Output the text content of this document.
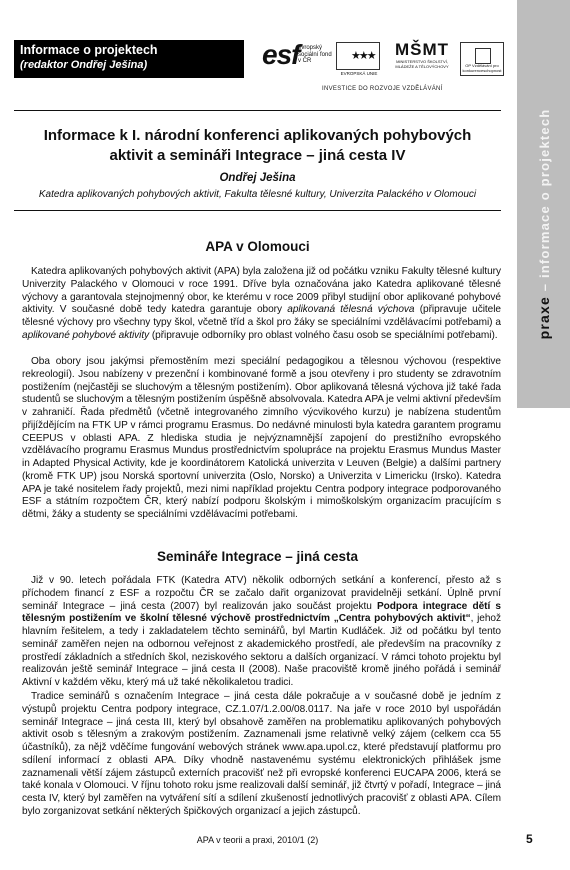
praxe – informace o projektech
Informace o projektech
(redaktor Ondřej Ješina)	esf
evropský sociální fond v ČR	★★★
EVROPSKÁ UNIE
MŠMT
MINISTERSTVO ŠKOLSTVÍ, MLÁDEŽE A TĚLOVÝCHOVY	OP Vzdělávání pro konkurenceschopnost
INVESTICE DO ROZVOJE VZDĚLÁVÁNÍ
Informace k I. národní konferenci aplikovaných pohybových
aktivit a semináři Integrace – jiná cesta IV
Ondřej Ješina
Katedra aplikovaných pohybových aktivit, Fakulta tělesné kultury, Univerzita Palackého v Olomouci
APA v Olomouci

Katedra aplikovaných pohybových aktivit (APA) byla založena již od počátku vzniku Fakulty tělesné kultury Univerzity Palackého v Olomouci v roce 1991. Dříve byla označována jako Katedra aplikované tělesné výchovy a garantovala stejnojmenný obor, ke kterému v roce 2009 přibyl studijní obor aplikované pohybové aktivity. V současné době tedy katedra garantuje obory aplikovaná tělesná výchova (připravuje učitele tělesné výchovy pro všechny typy škol, včetně tříd a škol pro žáky se speciálními vzdělávacími potřebami) a aplikované pohybové aktivity (připravuje odborníky pro oblast volného času osob se speciálními potřebami).

Oba obory jsou jakýmsi přemostěním mezi speciální pedagogikou a tělesnou výchovou (respektive rekreologií). Jsou nabízeny v prezenční i kombinované formě a jsou otevřeny i pro studenty se zdravotním postižením (nejčastěji se sluchovým a tělesným postižením). Obor aplikovaná tělesná výchova již také řada studentů se sluchovým a tělesným postižením úspěšně absolvovala. Katedra APA je velmi aktivní především v zahraničí. Řada předmětů (včetně integrovaného zimního výcvikového kurzu) je nabízena studentům přijíždějícím na FTK UP v rámci programu Erasmus. Do nedávné minulosti byla katedra garantem programu CEEPUS v oblasti APA. Z hlediska studia je nejvýznamnější zapojení do prestižního evropského vzdělávacího programu Erasmus Mundus prostřednictvím spolupráce na projektu Erasmus Mundus Master in Adapted Physical Activity, kde je koordinátorem Katolická univerzita v Leuven (Belgie) a dalšími partnery (kromě FTK UP) jsou Norská sportovní univerzita (Oslo, Norsko) a Univerzita v Limericku (Irsko). Katedra APA je také nositelem řady projektů, mezi nimi například projektu Centra podpory integrace podporovaného ESF a státním rozpočtem ČR, který nabízí podporu školským i mimoškolským organizacím pracujícím s dětmi, žáky a studenty se speciálními vzdělávacími potřebami.

Semináře Integrace – jiná cesta

Již v 90. letech pořádala FTK (Katedra ATV) několik odborných setkání a konferencí, přesto až s příchodem financí z ESF a rozpočtu ČR se začalo dařit organizovat pravidelněji setkání. Úplně první seminář Integrace – jiná cesta (2007) byl realizován jako součást projektu Podpora integrace dětí s tělesným postižením ve školní tělesné výchově prostřednictvím „Centra pohybových aktivit“, jehož hlavním řešitelem, a tedy i zakladatelem těchto seminářů, byl Martin Kudláček. Již od počátku byl tento seminář zaměřen nejen na odbornou veřejnost z akademického prostředí, ale především na pracovníky z prostředí základních a středních škol, neziskového sektoru a dalších organizací. V rámci tohoto projektu byl realizován ještě seminář Integrace – jiná cesta II (2008). Naše pracoviště kromě jiného pořádá i seminář Aktivní v každém věku, který má už také několikaletou tradici.

Tradice seminářů s označením Integrace – jiná cesta dále pokračuje a v současné době je jedním z výstupů projektu Centra podpory integrace, CZ.1.07/1.2.00/08.0117. Na jaře v roce 2010 byl uspořádán seminář Integrace – jiná cesta III, který byl obsahově zaměřen na problematiku aplikovaných pohybových aktivit osob s tělesným a zrakovým postižením. Zaznamenali jsme relativně velký zájem (celkem cca 55 účastníků), za nějž vděčíme fungování webových stránek www.apa.upol.cz, které představují platformu pro sdílení informací z oblasti APA. Díky vhodně nastavenému systému elektronických přihlášek jsme zaznamenali větší zájem zástupců externích pracovišť než při evropské konferenci EUCAPA 2006, která se také konala v Olomouci. V říjnu tohoto roku jsme realizovali další seminář, již čtvrtý v pořadí, Integrace – jiná cesta IV, který byl zaměřen na vytváření sítí a sdílení zkušeností jednotlivých pracovišť z oblasti APA. Cílem bylo zorganizovat setkání některých špičkových organizací a jejich zástupců.

APA v teorii a praxi, 2010/1 (2)	5
